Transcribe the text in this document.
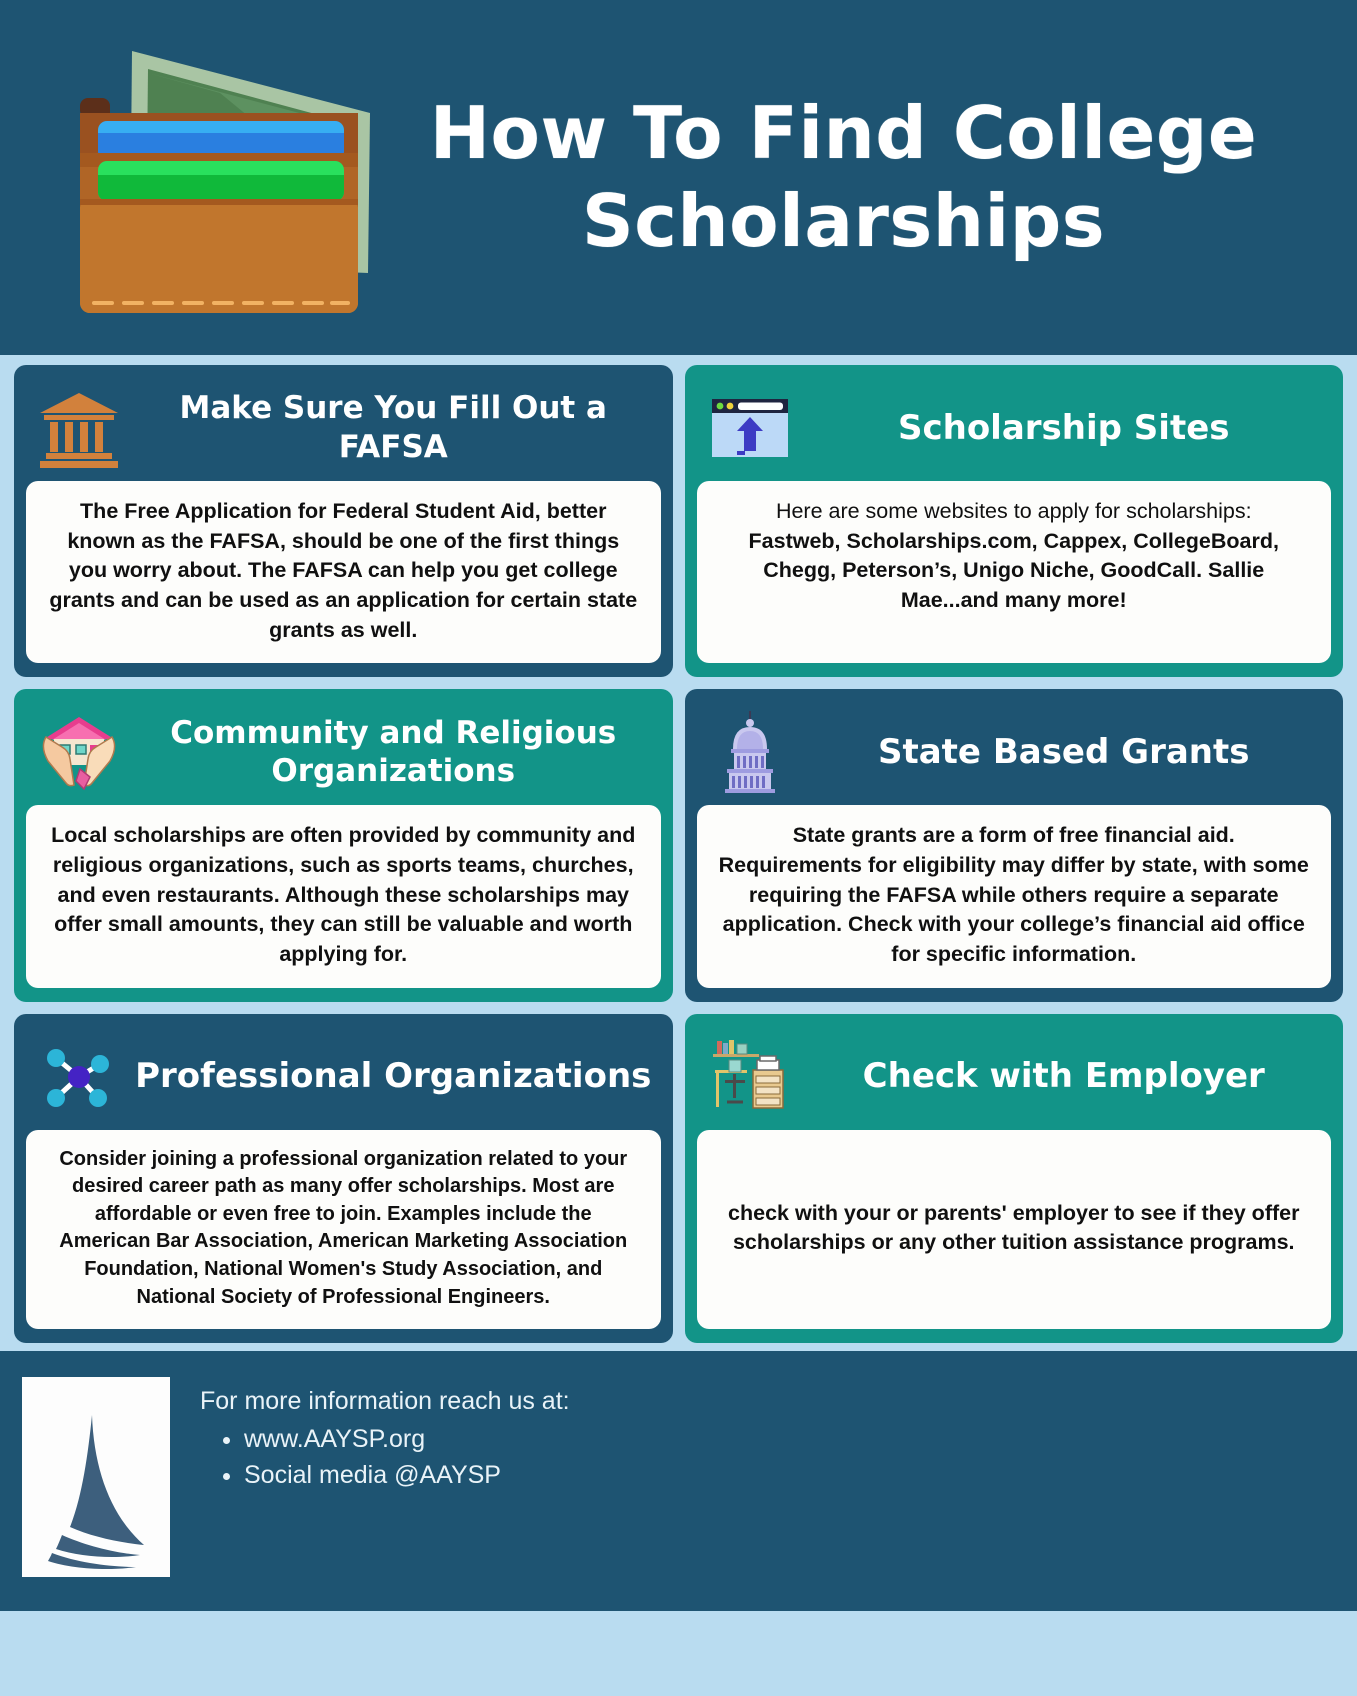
How To Find College
Scholarships
Make Sure You Fill Out a FAFSA
The Free Application for Federal Student Aid, better known as the FAFSA, should be one of the first things you worry about. The FAFSA can help you get college grants and can be used as an application for certain state grants as well.
Scholarship Sites
Here are some websites to apply for scholarships:
Fastweb, Scholarships.com, Cappex, CollegeBoard, Chegg, Peterson’s, Unigo Niche, GoodCall. Sallie Mae...and many more!
Community and Religious Organizations
Local scholarships are often provided by community and religious organizations, such as sports teams, churches, and even restaurants. Although these scholarships may offer small amounts, they can still be valuable and worth applying for.
State Based Grants
State grants are a form of free financial aid. Requirements for eligibility may differ by state, with some requiring the FAFSA while others require a separate application. Check with your college’s financial aid office for specific information.
Professional Organizations
Consider joining a professional organization related to your desired career path as many offer scholarships. Most are affordable or even free to join. Examples include the American Bar Association, American Marketing Association Foundation, National Women's Study Association, and National Society of Professional Engineers.
Check with Employer
check with your or parents' employer to see if they offer scholarships or any other tuition assistance programs.
For more information reach us at:
• www.AAYSP.org
• Social media @AAYSP
